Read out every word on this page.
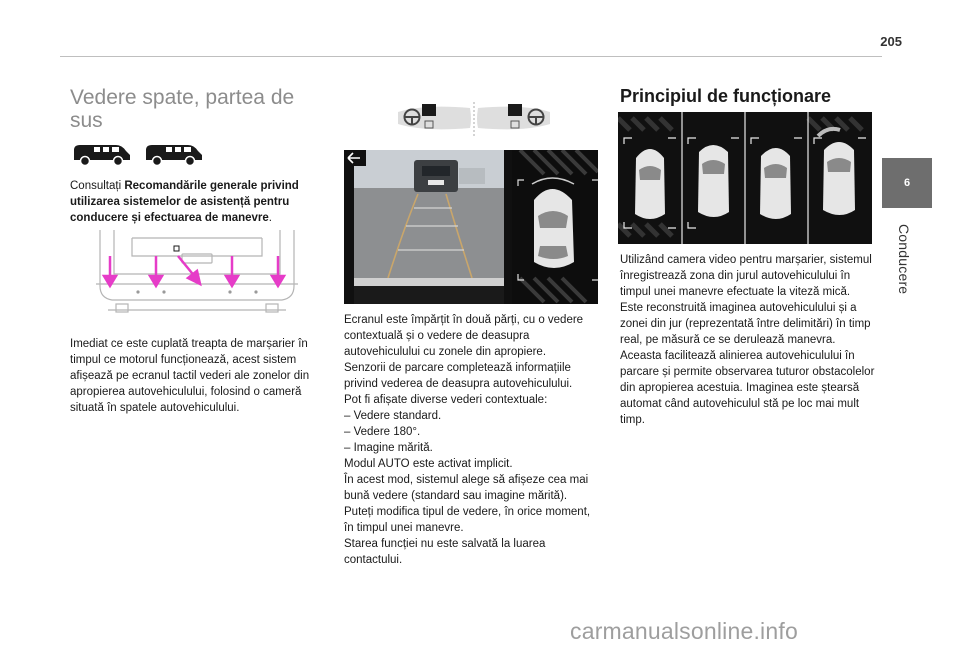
205
6
Conducere
Vedere spate, partea de sus
Consultați Recomandările generale privind utilizarea sistemelor de asistență pentru conducere și efectuarea de manevre.
Imediat ce este cuplată treapta de marșarier în timpul ce motorul funcționează, acest sistem afișează pe ecranul tactil vederi ale zonelor din apropierea autovehiculului, folosind o cameră situată în spatele autovehiculului.
Ecranul este împărțit în două părți, cu o vedere contextuală și o vedere de deasupra autovehiculului cu zonele din apropiere.
Senzorii de parcare completează informațiile privind vederea de deasupra autovehiculului.
Pot fi afișate diverse vederi contextuale:
– Vedere standard.
– Vedere 180°.
– Imagine mărită.
Modul AUTO este activat implicit.
În acest mod, sistemul alege să afișeze cea mai bună vedere (standard sau imagine mărită).
Puteți modifica tipul de vedere, în orice moment, în timpul unei manevre.
Starea funcției nu este salvată la luarea contactului.
Principiul de funcționare
Utilizând camera video pentru marșarier, sistemul înregistrează zona din jurul autovehiculului în timpul unei manevre efectuate la viteză mică.
Este reconstruită imaginea autovehiculului și a zonei din jur (reprezentată între delimitări) în timp real, pe măsură ce se derulează manevra.
Aceasta facilitează alinierea autovehiculului în parcare și permite observarea tuturor obstacolelor din apropierea acestuia. Imaginea este ștearsă automat când autovehiculul stă pe loc mai mult timp.
carmanualsonline.info
